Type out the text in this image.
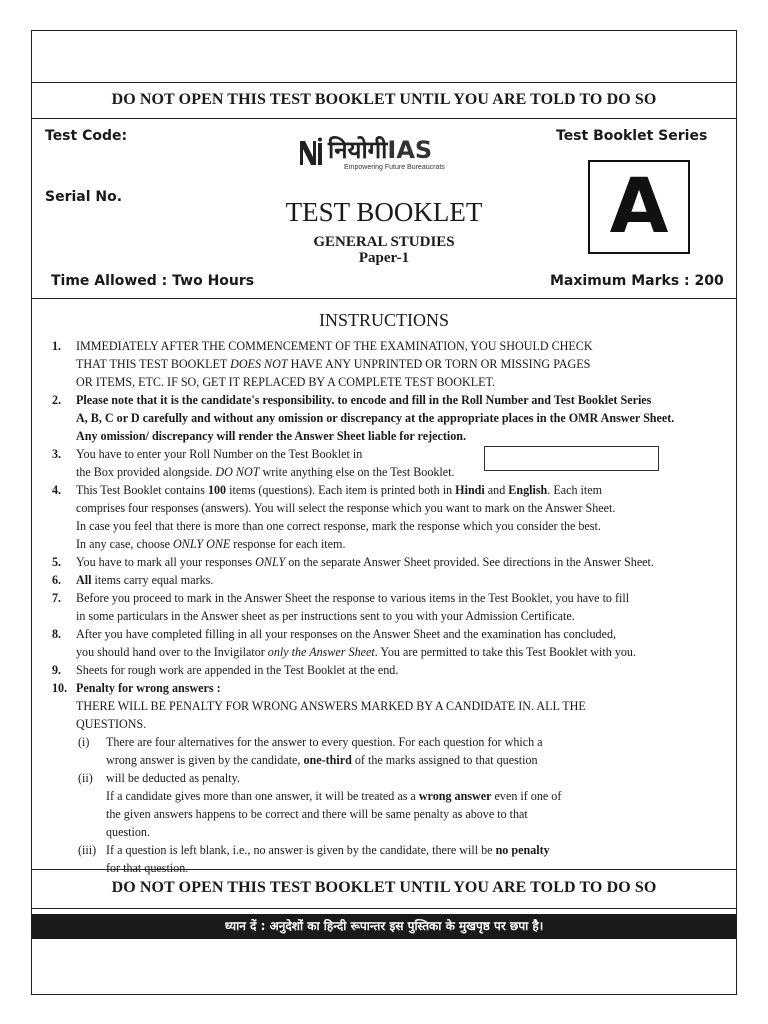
DO NOT OPEN THIS TEST BOOKLET UNTIL YOU ARE TOLD TO DO SO
Test Code:
Serial No.
Test Booklet Series
Time Allowed : Two Hours	Maximum Marks : 200
नियोगीIAS
Empowering Future Bureaucrats
TEST BOOKLET
GENERAL STUDIES
Paper-1
A
INSTRUCTIONS
1. IMMEDIATELY AFTER THE COMMENCEMENT OF THE EXAMINATION, YOU SHOULD CHECK
THAT THIS TEST BOOKLET DOES NOT HAVE ANY UNPRINTED OR TORN OR MISSING PAGES
OR ITEMS, ETC. IF SO, GET IT REPLACED BY A COMPLETE TEST BOOKLET.
2. Please note that it is the candidate's responsibility. to encode and fill in the Roll Number and Test Booklet Series
A, B, C or D carefully and without any omission or discrepancy at the appropriate places in the OMR Answer Sheet.
Any omission/ discrepancy will render the Answer Sheet liable for rejection.
3. You have to enter your Roll Number on the Test Booklet in
the Box provided alongside. DO NOT write anything else on the Test Booklet.
4. This Test Booklet contains 100 items (questions). Each item is printed both in Hindi and English. Each item
comprises four responses (answers). You will select the response which you want to mark on the Answer Sheet.
In case you feel that there is more than one correct response, mark the response which you consider the best.
In any case, choose ONLY ONE response for each item.
5. You have to mark all your responses ONLY on the separate Answer Sheet provided. See directions in the Answer Sheet.
6. All items carry equal marks.
7. Before you proceed to mark in the Answer Sheet the response to various items in the Test Booklet, you have to fill
in some particulars in the Answer sheet as per instructions sent to you with your Admission Certificate.
8. After you have completed filling in all your responses on the Answer Sheet and the examination has concluded,
you should hand over to the Invigilator only the Answer Sheet. You are permitted to take this Test Booklet with you.
9. Sheets for rough work are appended in the Test Booklet at the end.
10. Penalty for wrong answers :
THERE WILL BE PENALTY FOR WRONG ANSWERS MARKED BY A CANDIDATE IN. ALL THE
QUESTIONS.
(i) There are four alternatives for the answer to every question. For each question for which a
wrong answer is given by the candidate, one-third of the marks assigned to that question
(ii) will be deducted as penalty.
If a candidate gives more than one answer, it will be treated as a wrong answer even if one of
the given answers happens to be correct and there will be same penalty as above to that
question.
(iii) If a question is left blank, i.e., no answer is given by the candidate, there will be no penalty
for that question.
DO NOT OPEN THIS TEST BOOKLET UNTIL YOU ARE TOLD TO DO SO
ध्यान दें : अनुदेशों का हिन्दी रूपान्तर इस पुस्तिका के मुखपृष्ठ पर छपा है।
